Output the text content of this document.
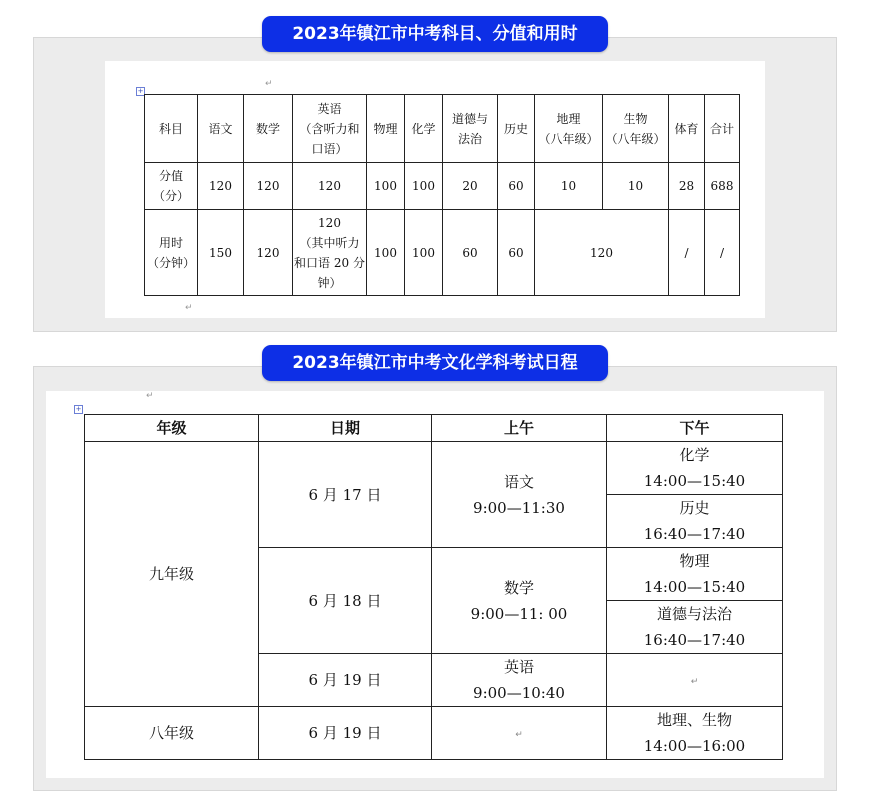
2023年镇江市中考科目、分值和用时
+
↵
科目	语文	数学	英语
（含听力和
口语）	物理	化学	道德与
法治	历史	地理
（八年级）	生物
（八年级）	体育	合计

分值
（分）	120	120	120	100	100	20	60	10	10	28	688

用时
（分钟）	150	120	120
（其中听力
和口语 20 分
钟）	100	100	60	60	120		/	/
↵
2023年镇江市中考文化学科考试日程
+
↵
年级	日期	上午	下午
九年级	6 月 17 日	语文
9:00—11:30	化学
14:00—15:40

			历史
16:40—17:40

	6 月 18 日	数学
9:00—11: 00	物理
14:00—15:40

			道德与法治
16:40—17:40

	6 月 19 日	英语
9:00—10:40	↵
八年级	6 月 19 日	↵	地理、生物
14:00—16:00
